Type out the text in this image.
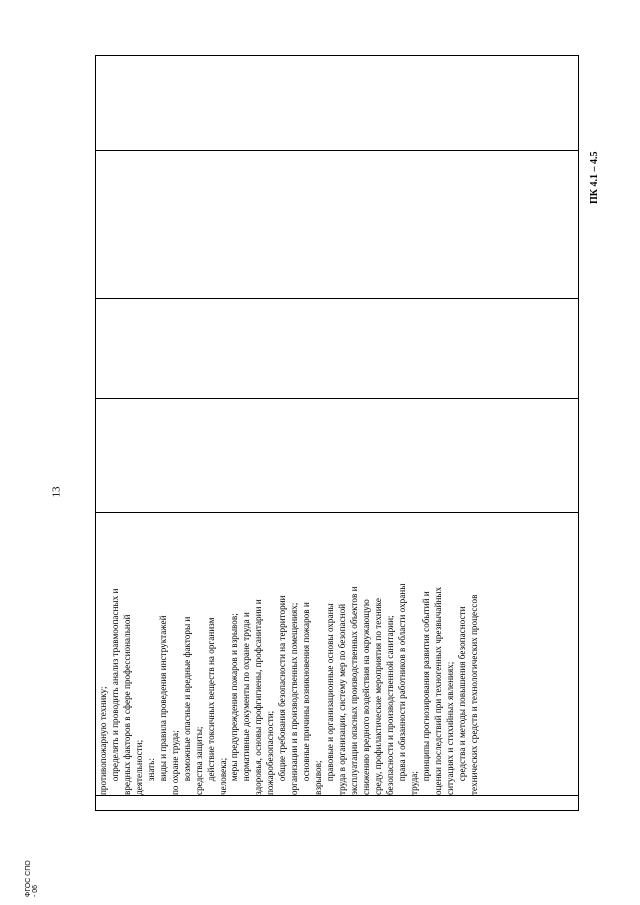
13
ФГОС СПО - 06
противопожарную технику; определять и проводить анализ травмоопасных и вредных факторов в сфере профессиональной деятельности; знать: виды и правила проведения инструктажей по охране труда; возможные опасные и вредные факторы и средства защиты; действие токсичных веществ на организм человека; меры предупреждения пожаров и взрывов; нормативные документы по охране труда и здоровья, основы профгигиены, профсанитарии и пожаробезопасности; общие требования безопасности на территории организации и в производственных помещениях; основные причины возникновения пожаров и взрывов; правовые и организационные основы охраны труда в организации, систему мер по безопасной эксплуатации опасных производственных объектов и снижению вредного воздействия на окружающую среду, профилактические мероприятия по технике безопасности и производственной санитарии; права и обязанности работников в области охраны труда; принципы прогнозирования развития событий и оценки последствий при техногенных чрезвычайных ситуациях и стихийных явлениях; средства и методы повышения безопасности технических средств и технологических процессов
ПК 4.1 – 4.5
